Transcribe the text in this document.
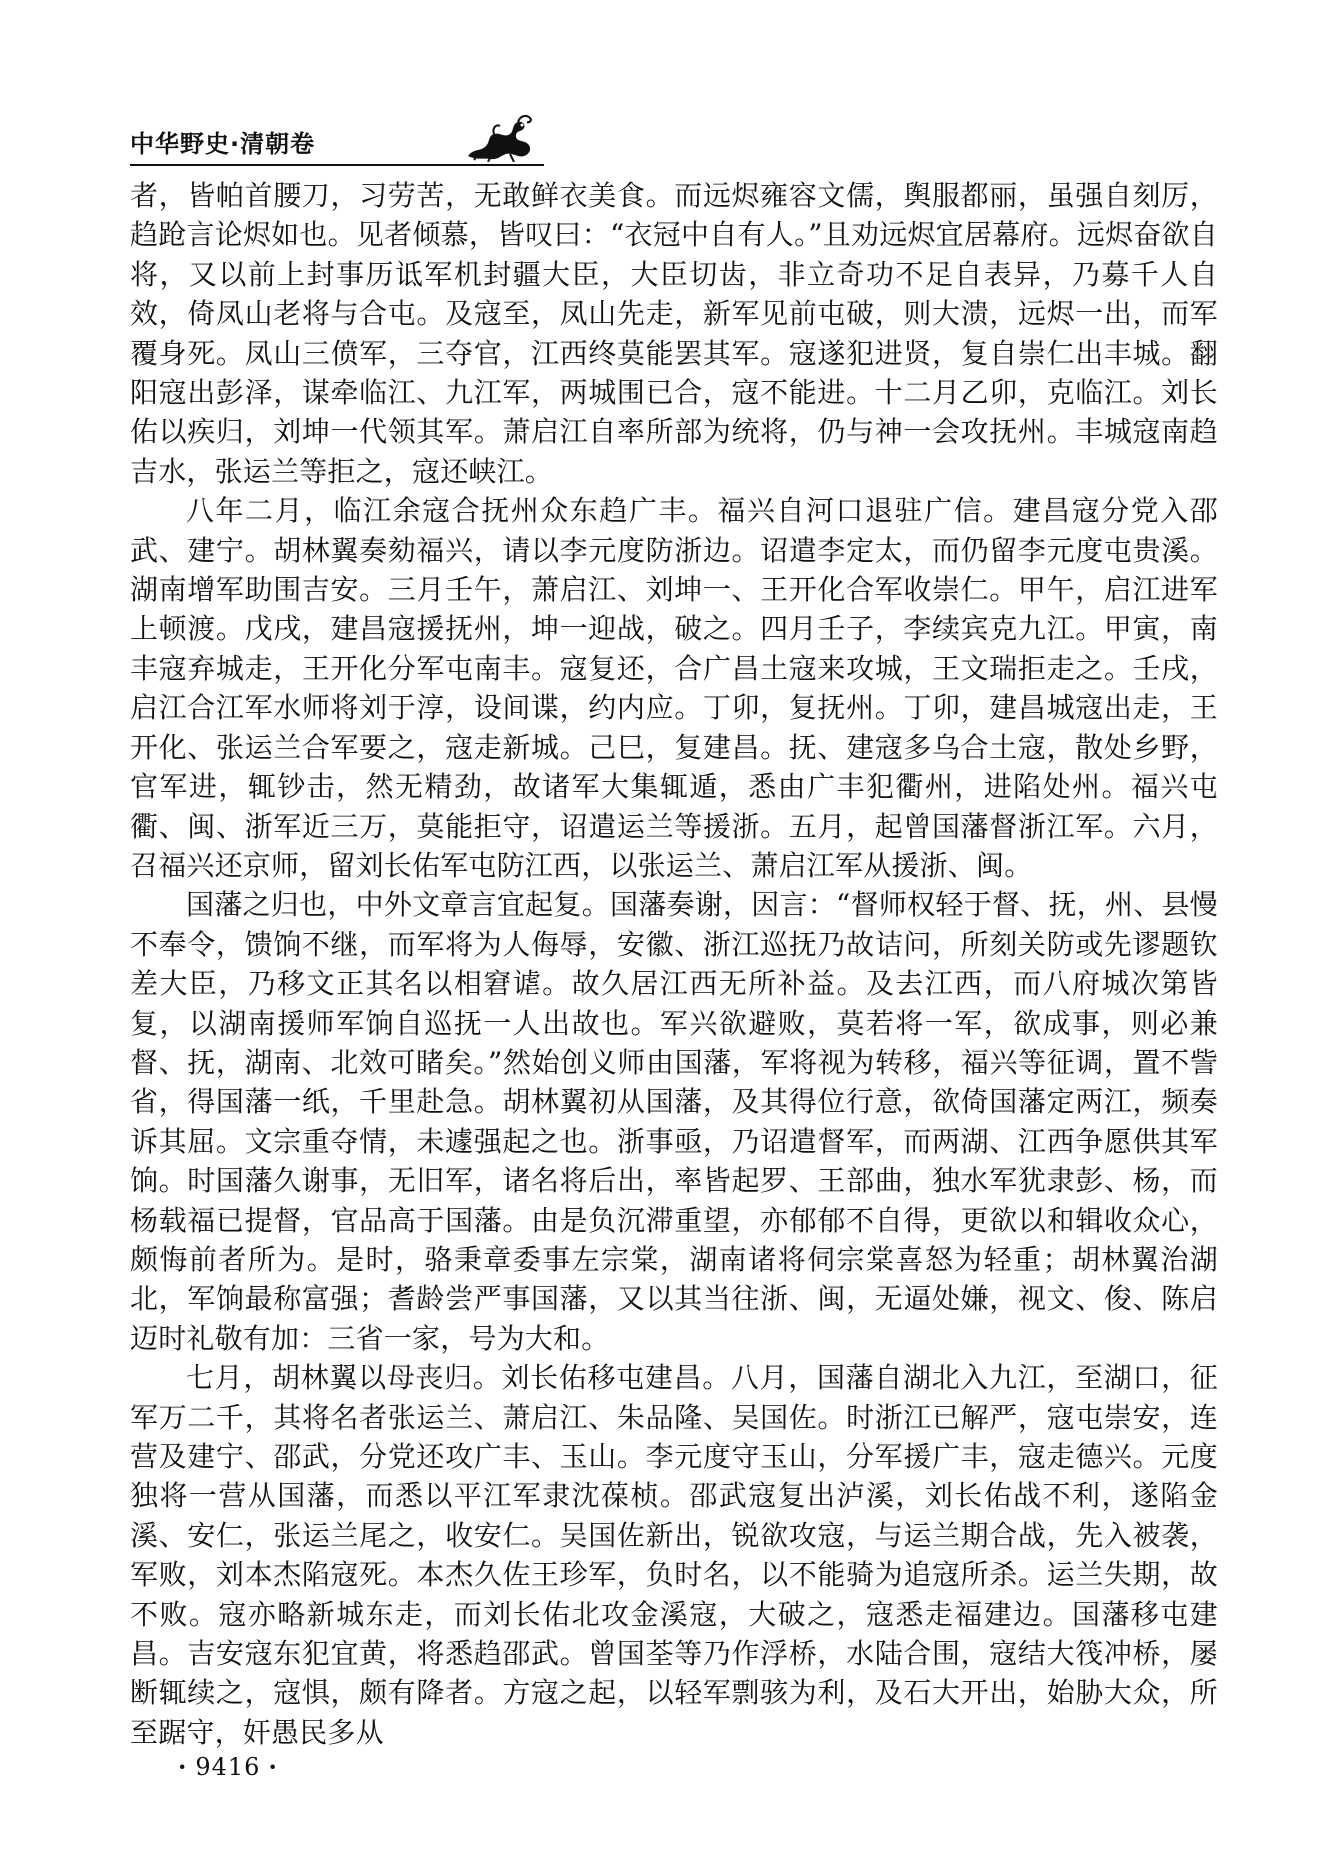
中华野史·清朝卷

者，皆帕首腰刀，习劳苦，无敢鲜衣美食。而远烬雍容文儒，舆服都丽，虽强自刻厉，趋跄言论烬如也。见者倾慕，皆叹曰：“衣冠中自有人。”且劝远烬宜居幕府。远烬奋欲自将，又以前上封事历诋军机封疆大臣，大臣切齿，非立奇功不足自表异，乃募千人自效，倚凤山老将与合屯。及寇至，凤山先走，新军见前屯破，则大溃，远烬一出，而军覆身死。凤山三偾军，三夺官，江西终莫能罢其军。寇遂犯进贤，复自崇仁出丰城。翻阳寇出彭泽，谋牵临江、九江军，两城围已合，寇不能进。十二月乙卯，克临江。刘长佑以疾归，刘坤一代领其军。萧启江自率所部为统将，仍与神一会攻抚州。丰城寇南趋吉水，张运兰等拒之，寇还峡江。

八年二月，临江余寇合抚州众东趋广丰。福兴自河口退驻广信。建昌寇分党入邵武、建宁。胡林翼奏劾福兴，请以李元度防浙边。诏遣李定太，而仍留李元度屯贵溪。湖南增军助围吉安。三月壬午，萧启江、刘坤一、王开化合军收崇仁。甲午，启江进军上顿渡。戊戌，建昌寇援抚州，坤一迎战，破之。四月壬子，李续宾克九江。甲寅，南丰寇弃城走，王开化分军屯南丰。寇复还，合广昌土寇来攻城，王文瑞拒走之。壬戌，启江合江军水师将刘于淳，设间谍，约内应。丁卯，复抚州。丁卯，建昌城寇出走，王开化、张运兰合军要之，寇走新城。己巳，复建昌。抚、建寇多乌合土寇，散处乡野，官军进，辄钞击，然无精劲，故诸军大集辄遁，悉由广丰犯衢州，进陷处州。福兴屯衢、闽、浙军近三万，莫能拒守，诏遣运兰等援浙。五月，起曾国藩督浙江军。六月，召福兴还京师，留刘长佑军屯防江西，以张运兰、萧启江军从援浙、闽。

国藩之归也，中外文章言宜起复。国藩奏谢，因言：“督师权轻于督、抚，州、县慢不奉令，馈饷不继，而军将为人侮辱，安徽、浙江巡抚乃故诘问，所刻关防或先谬题钦差大臣，乃移文正其名以相窘谑。故久居江西无所补益。及去江西，而八府城次第皆复，以湖南援师军饷自巡抚一人出故也。军兴欲避败，莫若将一军，欲成事，则必兼督、抚，湖南、北效可睹矣。”然始创义师由国藩，军将视为转移，福兴等征调，置不訾省，得国藩一纸，千里赴急。胡林翼初从国藩，及其得位行意，欲倚国藩定两江，频奏诉其屈。文宗重夺情，未遽强起之也。浙事亟，乃诏遣督军，而两湖、江西争愿供其军饷。时国藩久谢事，无旧军，诸名将后出，率皆起罗、王部曲，独水军犹隶彭、杨，而杨载福已提督，官品高于国藩。由是负沉滞重望，亦郁郁不自得，更欲以和辑收众心，颇悔前者所为。是时，骆秉章委事左宗棠，湖南诸将伺宗棠喜怒为轻重；胡林翼治湖北，军饷最称富强；耆龄尝严事国藩，又以其当往浙、闽，无逼处嫌，视文、俊、陈启迈时礼敬有加：三省一家，号为大和。

七月，胡林翼以母丧归。刘长佑移屯建昌。八月，国藩自湖北入九江，至湖口，征军万二千，其将名者张运兰、萧启江、朱品隆、吴国佐。时浙江已解严，寇屯崇安，连营及建宁、邵武，分党还攻广丰、玉山。李元度守玉山，分军援广丰，寇走德兴。元度独将一营从国藩，而悉以平江军隶沈葆桢。邵武寇复出泸溪，刘长佑战不利，遂陷金溪、安仁，张运兰尾之，收安仁。吴国佐新出，锐欲攻寇，与运兰期合战，先入被袭，军败，刘本杰陷寇死。本杰久佐王珍军，负时名，以不能骑为追寇所杀。运兰失期，故不败。寇亦略新城东走，而刘长佑北攻金溪寇，大破之，寇悉走福建边。国藩移屯建昌。吉安寇东犯宜黄，将悉趋邵武。曾国荃等乃作浮桥，水陆合围，寇结大筏冲桥，屡断辄续之，寇惧，颇有降者。方寇之起，以轻军剽骇为利，及石大开出，始胁大众，所至踞守，奸愚民多从

· 9416 ·
